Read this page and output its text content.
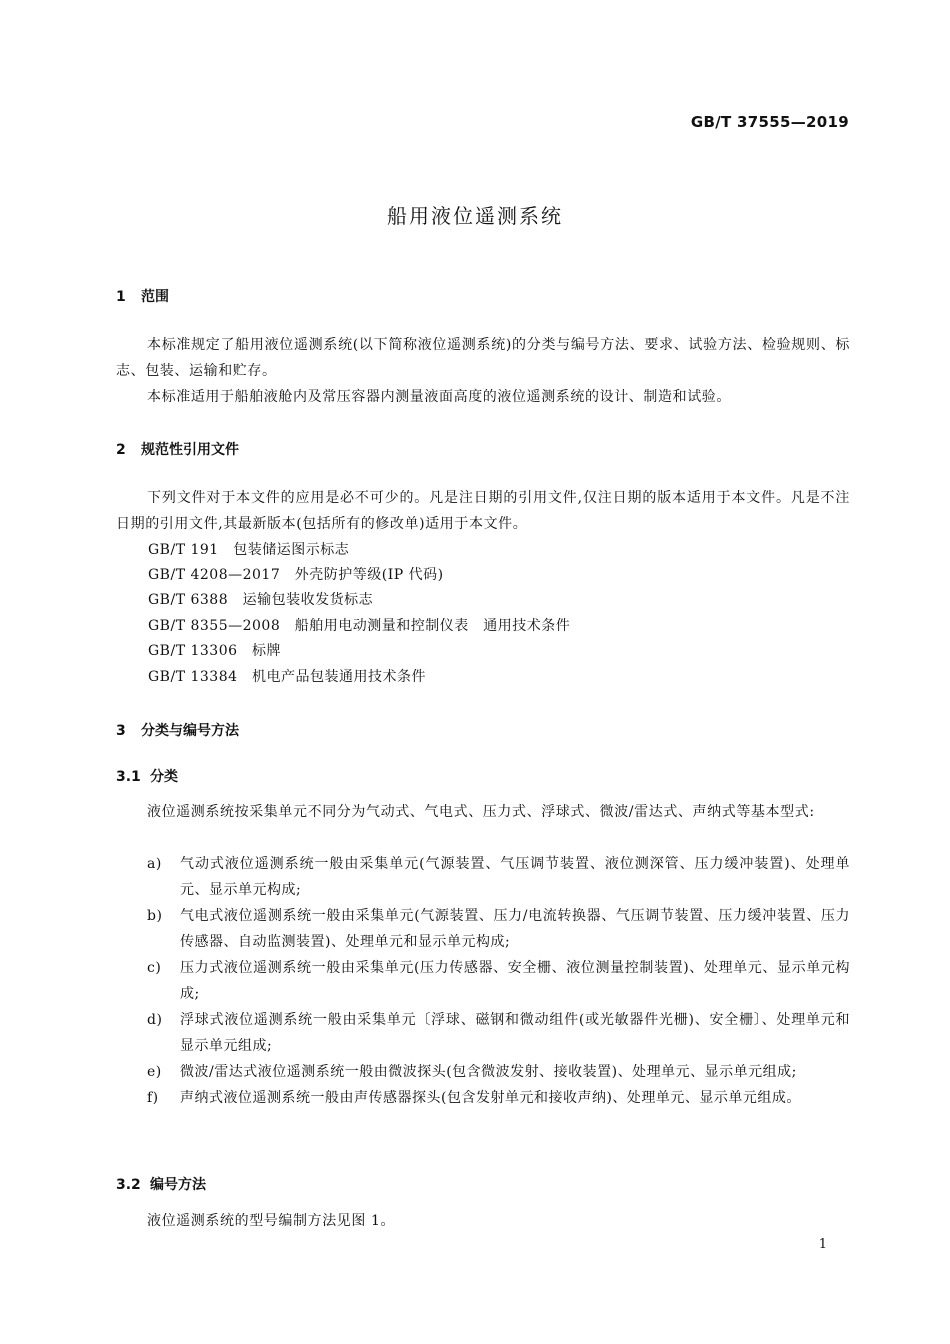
GB/T 37555—2019
船用液位遥测系统
1 范围
本标准规定了船用液位遥测系统(以下简称液位遥测系统)的分类与编号方法、要求、试验方法、检验规则、标志、包装、运输和贮存。
本标准适用于船舶液舱内及常压容器内测量液面高度的液位遥测系统的设计、制造和试验。
2 规范性引用文件
下列文件对于本文件的应用是必不可少的。凡是注日期的引用文件,仅注日期的版本适用于本文件。凡是不注日期的引用文件,其最新版本(包括所有的修改单)适用于本文件。
GB/T 191　包装储运图示标志
GB/T 4208—2017　外壳防护等级(IP 代码)
GB/T 6388　运输包装收发货标志
GB/T 8355—2008　船舶用电动测量和控制仪表　通用技术条件
GB/T 13306　标牌
GB/T 13384　机电产品包装通用技术条件
3 分类与编号方法
3.1 分类
液位遥测系统按采集单元不同分为气动式、气电式、压力式、浮球式、微波/雷达式、声纳式等基本型式:

a) 气动式液位遥测系统一般由采集单元(气源装置、气压调节装置、液位测深管、压力缓冲装置)、处理单元、显示单元构成;

b) 气电式液位遥测系统一般由采集单元(气源装置、压力/电流转换器、气压调节装置、压力缓冲装置、压力传感器、自动监测装置)、处理单元和显示单元构成;

c) 压力式液位遥测系统一般由采集单元(压力传感器、安全栅、液位测量控制装置)、处理单元、显示单元构成;

d) 浮球式液位遥测系统一般由采集单元〔浮球、磁钢和微动组件(或光敏器件光栅)、安全栅〕、处理单元和显示单元组成;

e) 微波/雷达式液位遥测系统一般由微波探头(包含微波发射、接收装置)、处理单元、显示单元组成;

f) 声纳式液位遥测系统一般由声传感器探头(包含发射单元和接收声纳)、处理单元、显示单元组成。

3.2 编号方法
液位遥测系统的型号编制方法见图 1。
1
